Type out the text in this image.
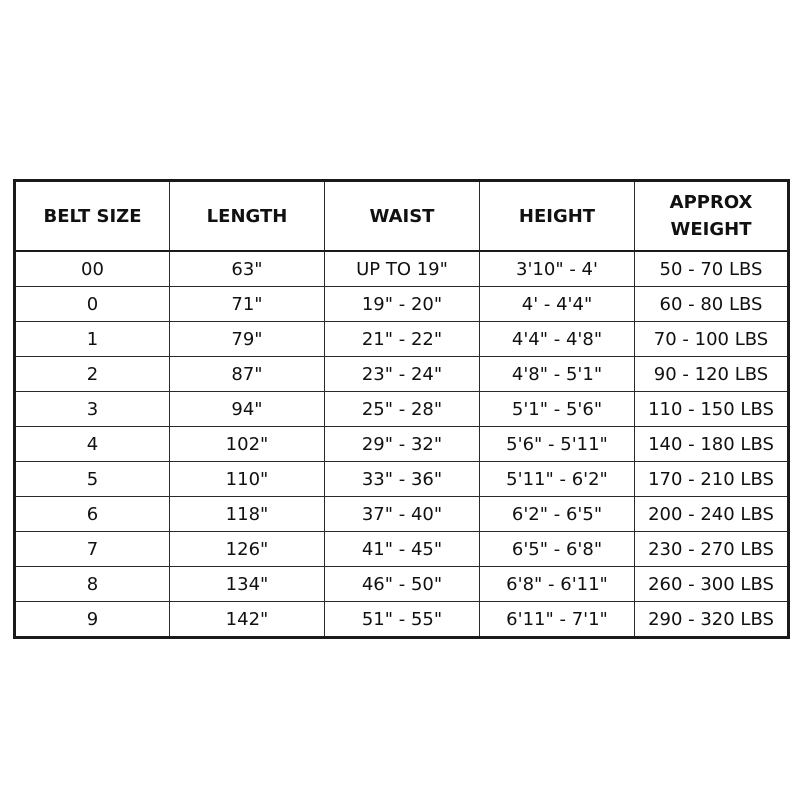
BELT SIZE	LENGTH	WAIST	HEIGHT	APPROX
WEIGHT

00	63"	UP TO 19"	3'10" - 4'	50 - 70 LBS
0	71"	19" - 20"	4' - 4'4"	60 - 80 LBS
1	79"	21" - 22"	4'4" - 4'8"	70 - 100 LBS
2	87"	23" - 24"	4'8" - 5'1"	90 - 120 LBS
3	94"	25" - 28"	5'1" - 5'6"	110 - 150 LBS
4	102"	29" - 32"	5'6" - 5'11"	140 - 180 LBS
5	110"	33" - 36"	5'11" - 6'2"	170 - 210 LBS
6	118"	37" - 40"	6'2" - 6'5"	200 - 240 LBS
7	126"	41" - 45"	6'5" - 6'8"	230 - 270 LBS
8	134"	46" - 50"	6'8" - 6'11"	260 - 300 LBS
9	142"	51" - 55"	6'11" - 7'1"	290 - 320 LBS
